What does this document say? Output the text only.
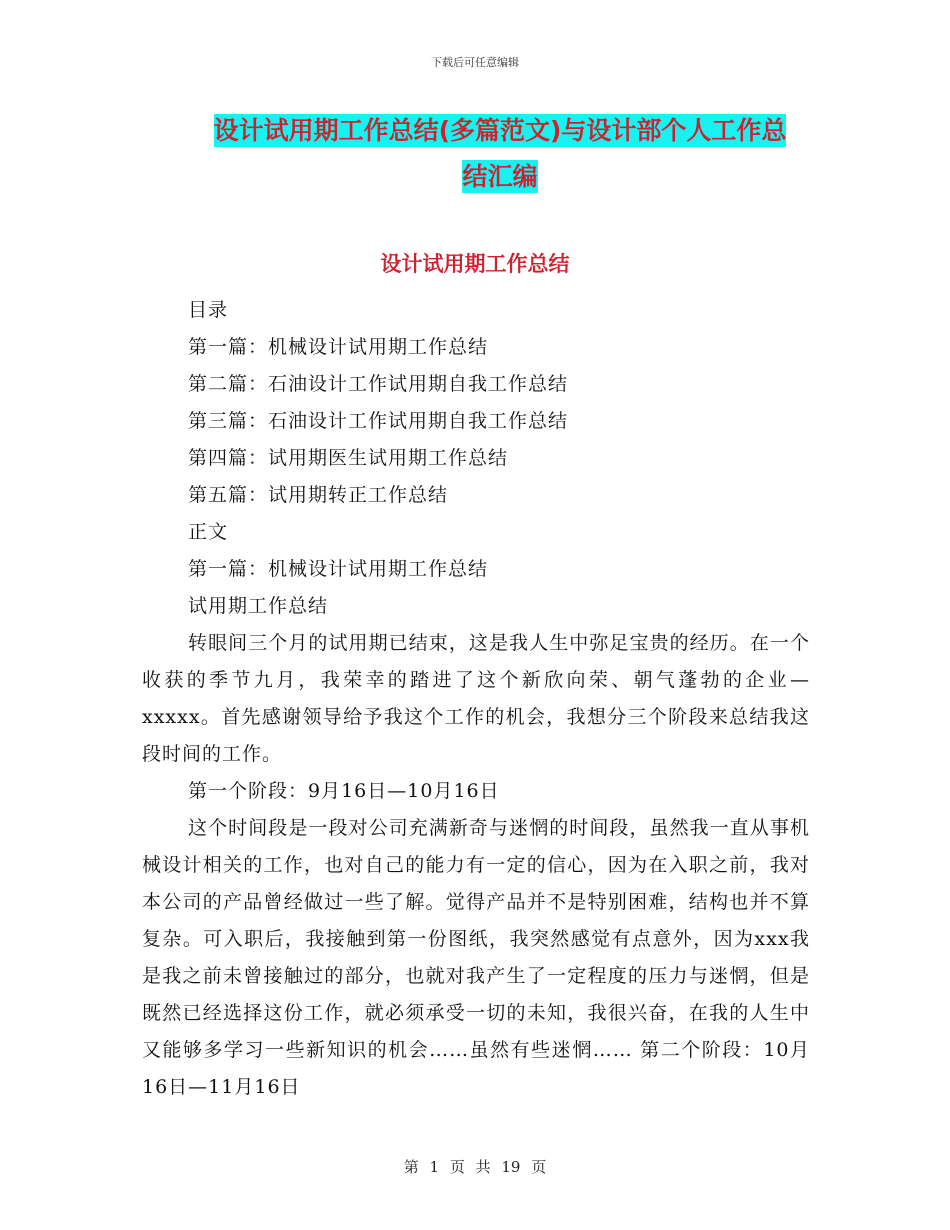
下载后可任意编辑
设计试用期工作总结(多篇范文)与设计部个人工作总
结汇编
设计试用期工作总结
目录
第一篇：机械设计试用期工作总结
第二篇：石油设计工作试用期自我工作总结
第三篇：石油设计工作试用期自我工作总结
第四篇：试用期医生试用期工作总结
第五篇：试用期转正工作总结
正文
第一篇：机械设计试用期工作总结
试用期工作总结
转眼间三个月的试用期已结束，这是我人生中弥足宝贵的经历。在一个收获的季节九月，我荣幸的踏进了这个新欣向荣、朝气蓬勃的企业—xxxxx。首先感谢领导给予我这个工作的机会，我想分三个阶段来总结我这段时间的工作。
第一个阶段：9月16日—10月16日
这个时间段是一段对公司充满新奇与迷惘的时间段，虽然我一直从事机械设计相关的工作，也对自己的能力有一定的信心，因为在入职之前，我对本公司的产品曾经做过一些了解。觉得产品并不是特别困难，结构也并不算复杂。可入职后，我接触到第一份图纸，我突然感觉有点意外，因为xxx我是我之前未曾接触过的部分，也就对我产生了一定程度的压力与迷惘，但是既然已经选择这份工作，就必须承受一切的未知，我很兴奋，在我的人生中又能够多学习一些新知识的机会……虽然有些迷惘…… 第二个阶段：10月16日—11月16日
第 1 页 共 19 页
